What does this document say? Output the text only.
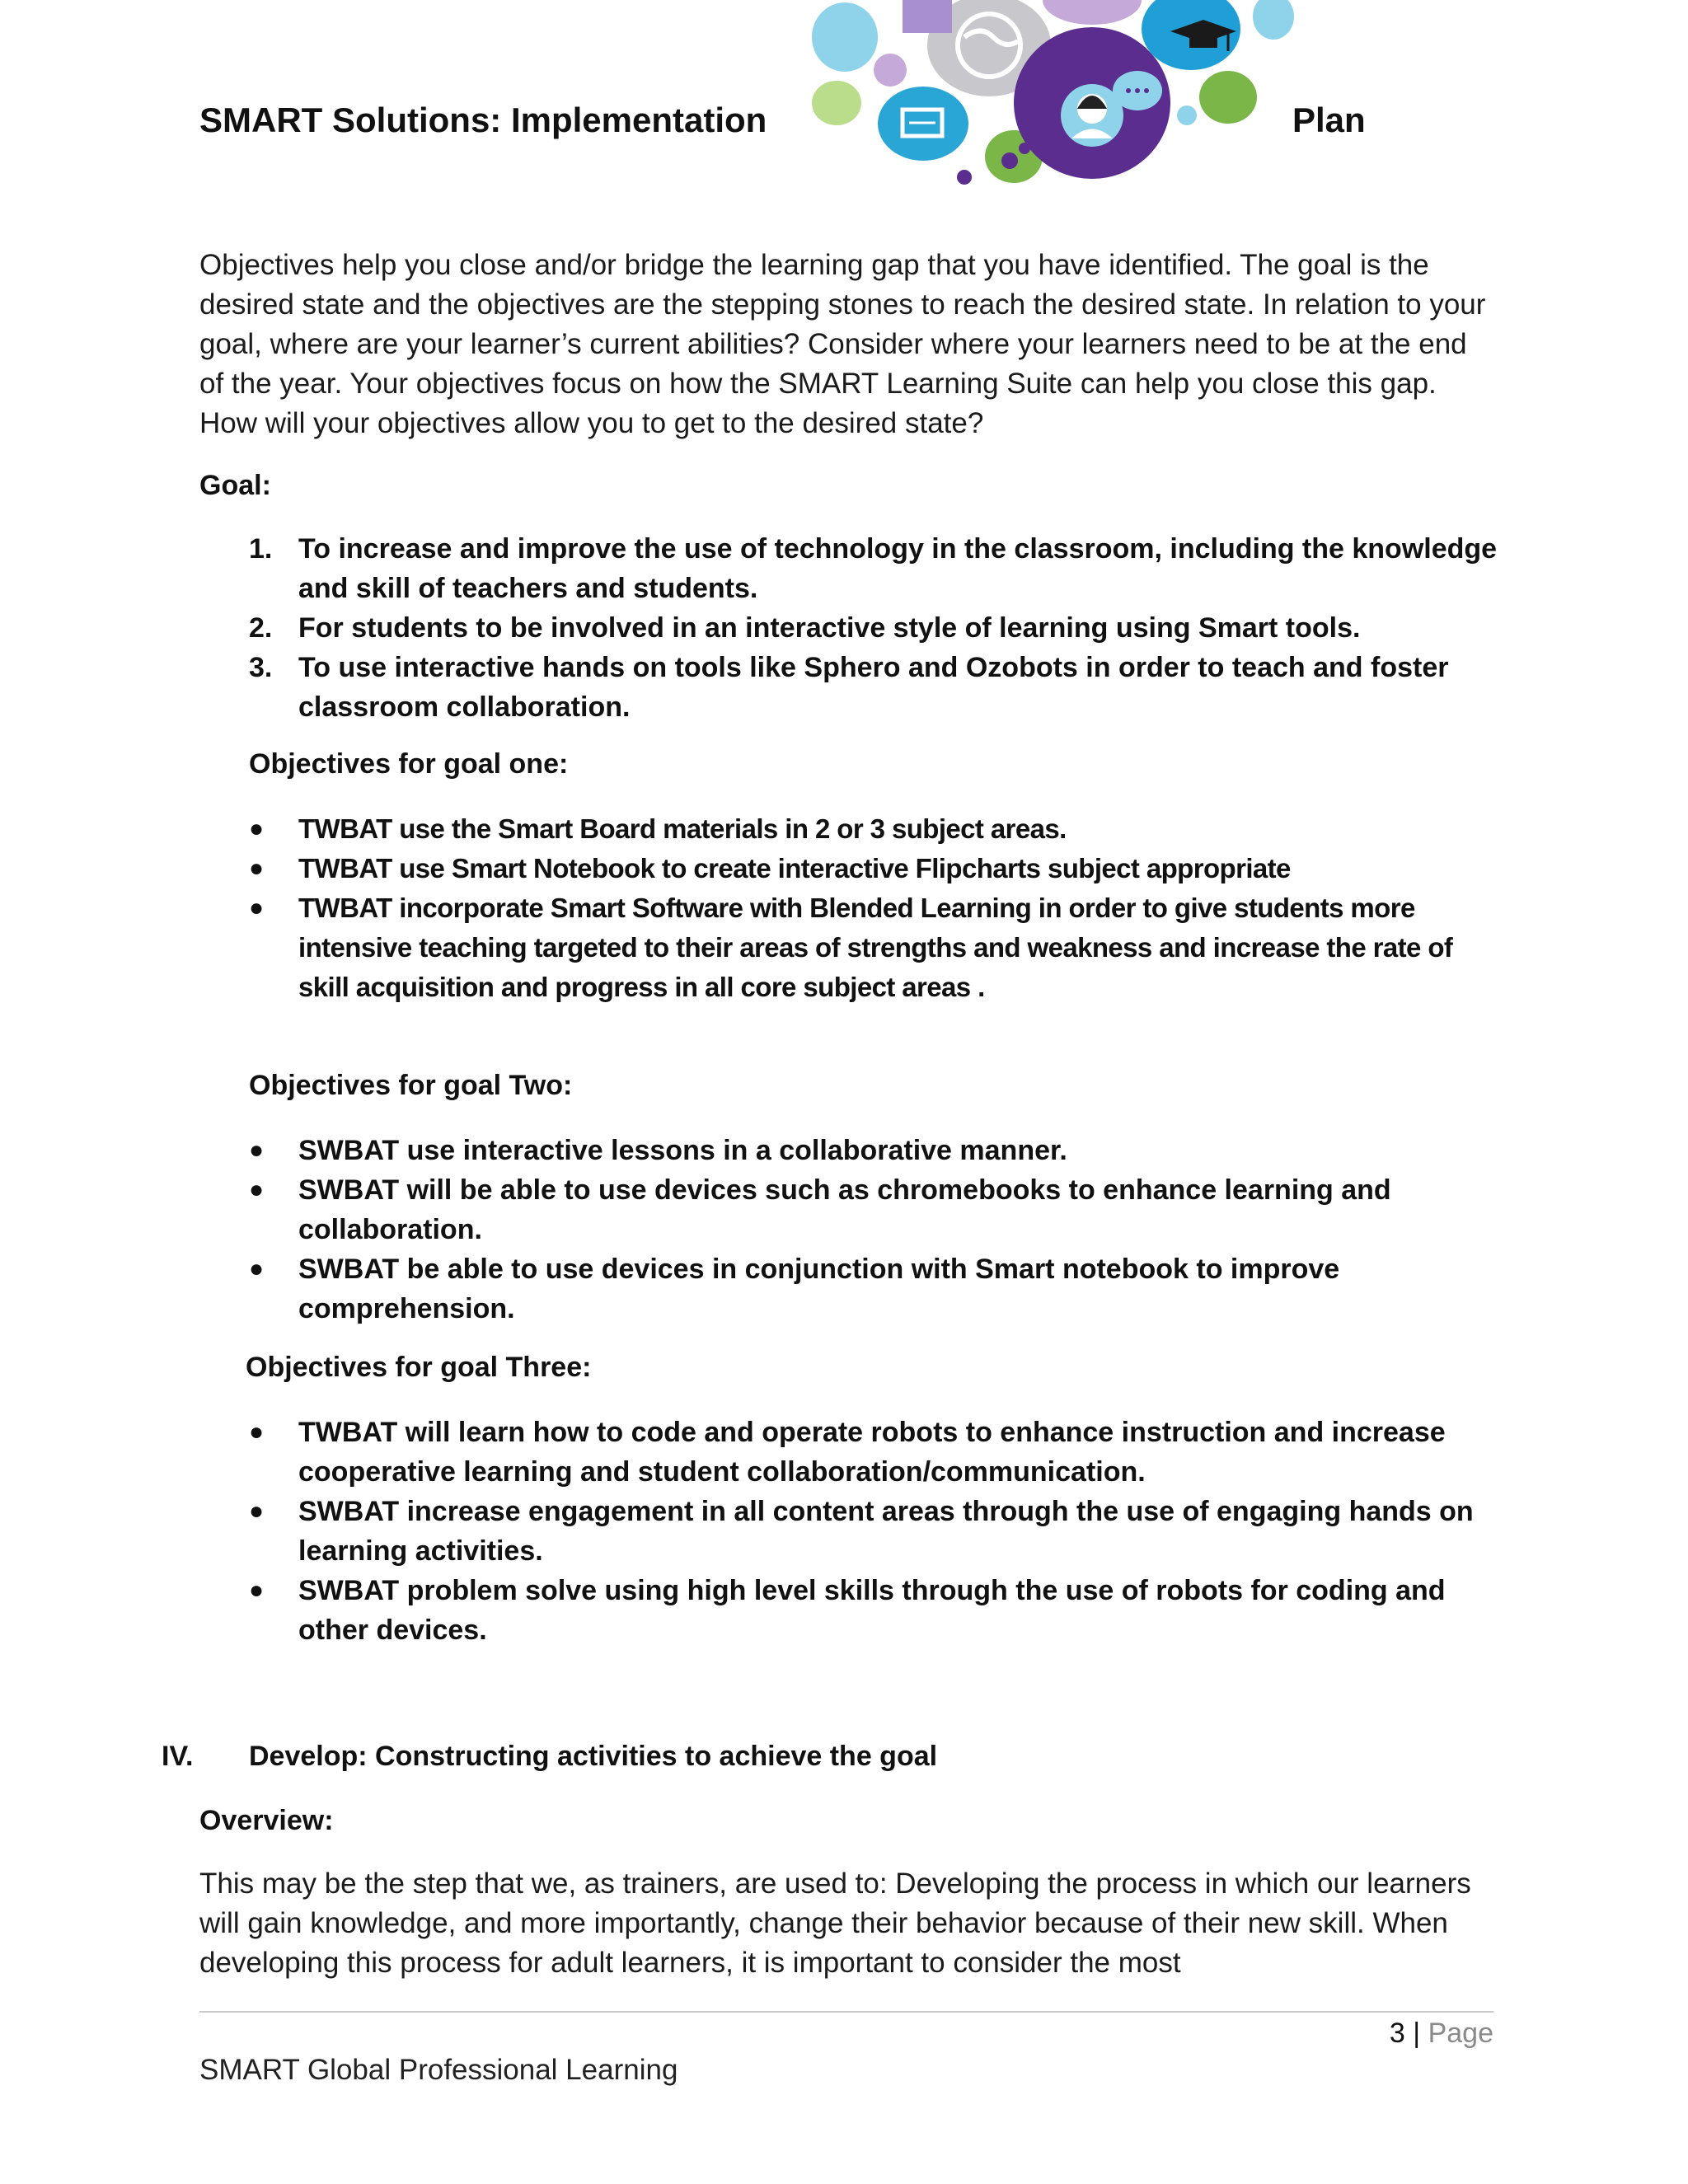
SMART Solutions: Implementation	Plan
Objectives help you close and/or bridge the learning gap that you have identified. The goal is the desired state and the objectives are the stepping stones to reach the desired state. In relation to your goal, where are your learner’s current abilities? Consider where your learners need to be at the end of the year. Your objectives focus on how the SMART Learning Suite can help you close this gap. How will your objectives allow you to get to the desired state?
Goal:
1. To increase and improve the use of technology in the classroom, including the knowledge and skill of teachers and students.
2. For students to be involved in an interactive style of learning using Smart tools.
3. To use interactive hands on tools like Sphero and Ozobots in order to teach and foster classroom collaboration.
Objectives for goal one:
● TWBAT use the Smart Board materials in 2 or 3 subject areas.
● TWBAT use Smart Notebook to create interactive Flipcharts subject appropriate
● TWBAT incorporate Smart Software with Blended Learning in order to give students more intensive teaching targeted to their areas of strengths and weakness and increase the rate of skill acquisition and progress in all core subject areas .
Objectives for goal Two:
● SWBAT use interactive lessons in a collaborative manner.
● SWBAT will be able to use devices such as chromebooks to enhance learning and collaboration.
● SWBAT be able to use devices in conjunction with Smart notebook to improve comprehension.
Objectives for goal Three:
● TWBAT will learn how to code and operate robots to enhance instruction and increase cooperative learning and student collaboration/communication.
● SWBAT increase engagement in all content areas through the use of engaging hands on learning activities.
● SWBAT problem solve using high level skills through the use of robots for coding and other devices.
IV. Develop: Constructing activities to achieve the goal
Overview:
This may be the step that we, as trainers, are used to: Developing the process in which our learners will gain knowledge, and more importantly, change their behavior because of their new skill. When developing this process for adult learners, it is important to consider the most
3 | Page
SMART Global Professional Learning
